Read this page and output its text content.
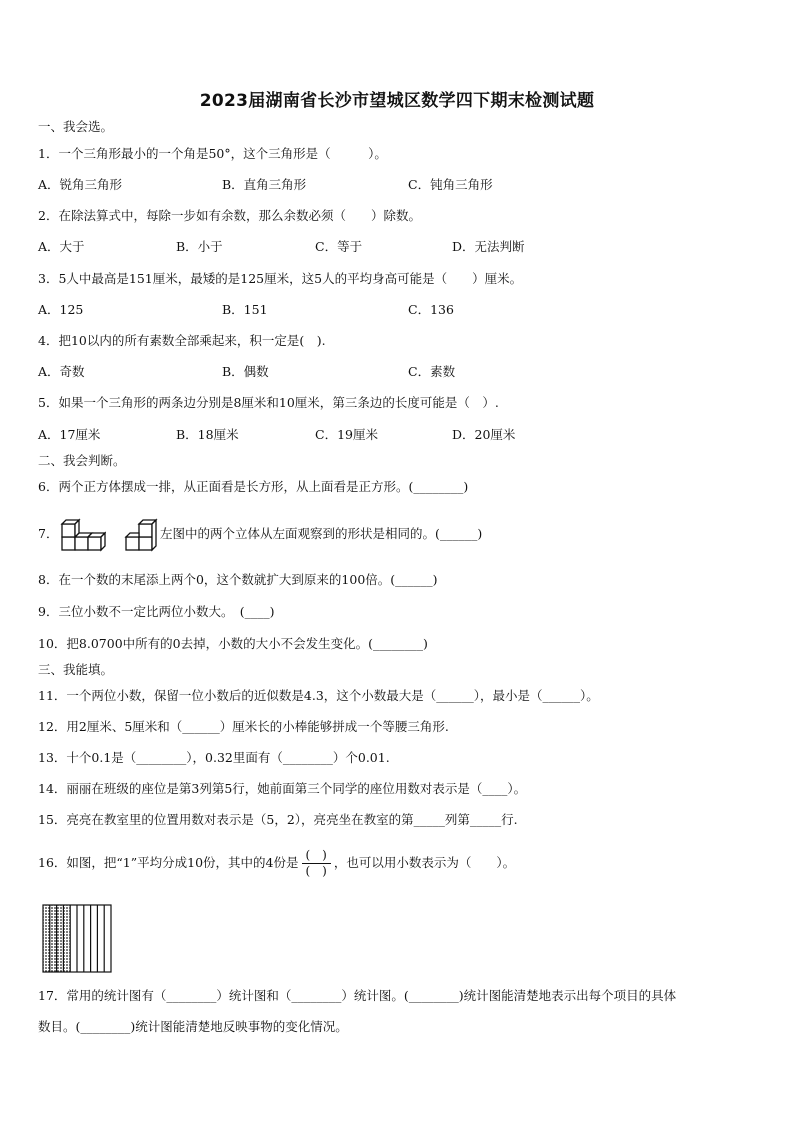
2023届湖南省长沙市望城区数学四下期末检测试题
一、我会选。
1．一个三角形最小的一个角是50°，这个三角形是（　　　）。
A．锐角三角形	B．直角三角形	C．钝角三角形
2．在除法算式中，每除一步如有余数，那么余数必须（　　）除数。
A．大于	B．小于	C．等于	D．无法判断
3．5人中最高是151厘米，最矮的是125厘米，这5人的平均身高可能是（　　）厘米。
A．125	B．151	C．136
4．把10以内的所有素数全部乘起来，积一定是(　).
A．奇数	B．偶数	C．素数
5．如果一个三角形的两条边分别是8厘米和10厘米，第三条边的长度可能是（　）.
A．17厘米	B．18厘米	C．19厘米	D．20厘米
二、我会判断。
6．两个正方体摆成一排，从正面看是长方形，从上面看是正方形。(________)
7．	左图中的两个立体从左面观察到的形状是相同的。(______)
8．在一个数的末尾添上两个0，这个数就扩大到原来的100倍。(______)
9．三位小数不一定比两位小数大。　(____)
10．把8.0700中所有的0去掉，小数的大小不会发生变化。(________)
三、我能填。
11．一个两位小数，保留一位小数后的近似数是4.3，这个小数最大是（______），最小是（______）。
12．用2厘米、5厘米和（______）厘米长的小棒能够拼成一个等腰三角形.
13．十个0.1是（________），0.32里面有（________）个0.01.
14．丽丽在班级的座位是第3列第5行，她前面第三个同学的座位用数对表示是（____）。
15．亮亮在教室里的位置用数对表示是（5，2），亮亮坐在教室的第_____列第_____行.
16．如图，把“1”平均分成10份，其中的4份是 $\frac{( )}{( )}$ ，也可以用小数表示为（　　）。
17．常用的统计图有（________）统计图和（________）统计图。(________)统计图能清楚地表示出每个项目的具体
数目。(________)统计图能清楚地反映事物的变化情况。
